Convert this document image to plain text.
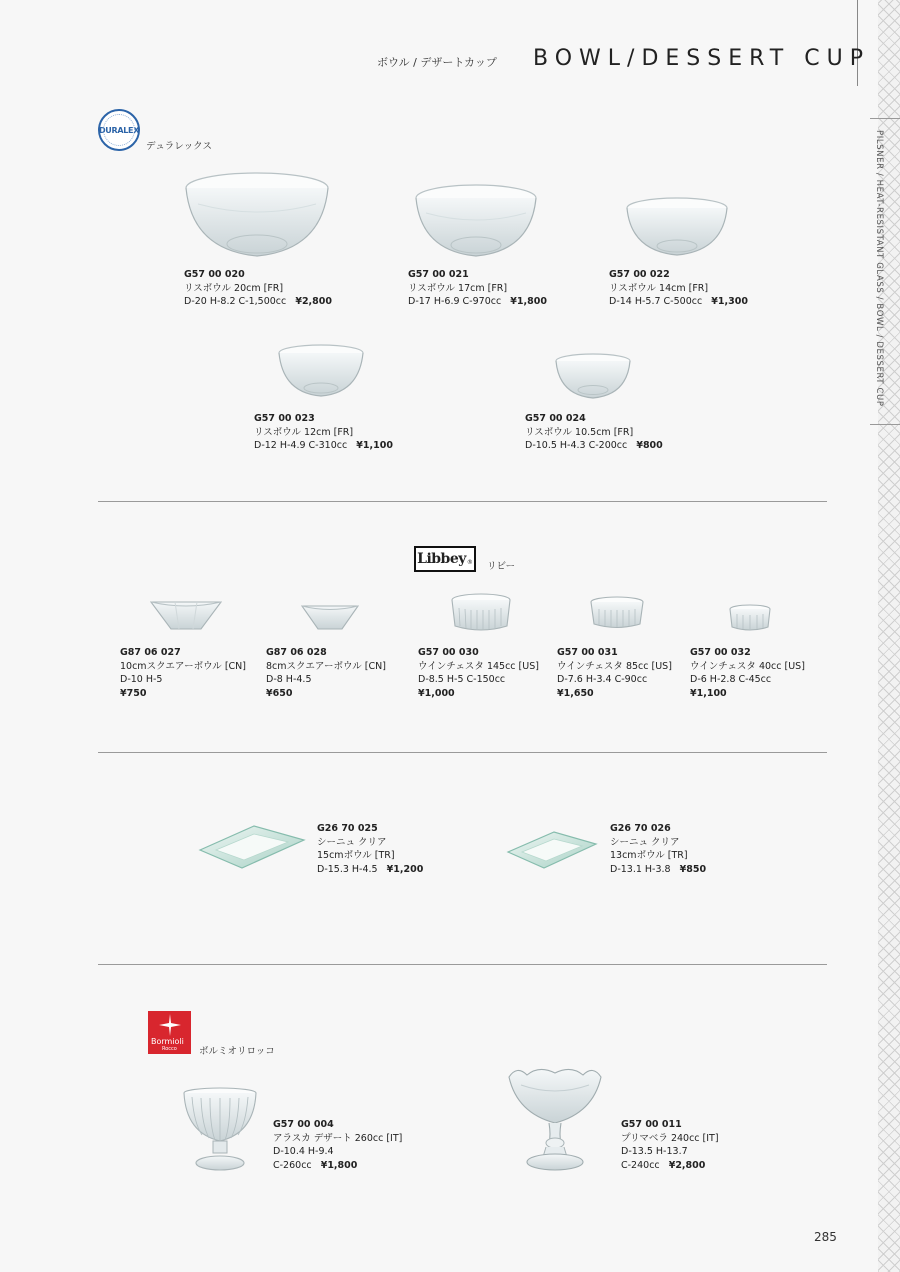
PILSNER / HEAT-RESISTANT GLASS / BOWL / DESSERT CUP
ボウル / デザートカップ BOWL/DESSERT CUP
DURALEX
デュラレックス
G57 00 020
リスボウル 20cm [FR]
D-20 H-8.2 C-1,500cc ¥2,800
G57 00 021
リスボウル 17cm [FR]
D-17 H-6.9 C-970cc ¥1,800
G57 00 022
リスボウル 14cm [FR]
D-14 H-5.7 C-500cc ¥1,300
G57 00 023
リスボウル 12cm [FR]
D-12 H-4.9 C-310cc ¥1,100
G57 00 024
リスボウル 10.5cm [FR]
D-10.5 H-4.3 C-200cc ¥800
Libbey ® リビー
G87 06 027
10cmスクエアーボウル [CN]
D-10 H-5
¥750
G87 06 028
8cmスクエアーボウル [CN]
D-8 H-4.5
¥650
G57 00 030
ウインチェスタ 145cc [US]
D-8.5 H-5 C-150cc
¥1,000
G57 00 031
ウインチェスタ 85cc [US]
D-7.6 H-3.4 C-90cc
¥1,650
G57 00 032
ウインチェスタ 40cc [US]
D-6 H-2.8 C-45cc
¥1,100
G26 70 025
シーニュ クリア
15cmボウル [TR]
D-15.3 H-4.5 ¥1,200
G26 70 026
シーニュ クリア
13cmボウル [TR]
D-13.1 H-3.8 ¥850
Bormioli
Rocco ボルミオリロッコ
G57 00 004
アラスカ デザート 260cc [IT]
D-10.4 H-9.4
C-260cc ¥1,800
G57 00 011
プリマベラ 240cc [IT]
D-13.5 H-13.7
C-240cc ¥2,800
285
